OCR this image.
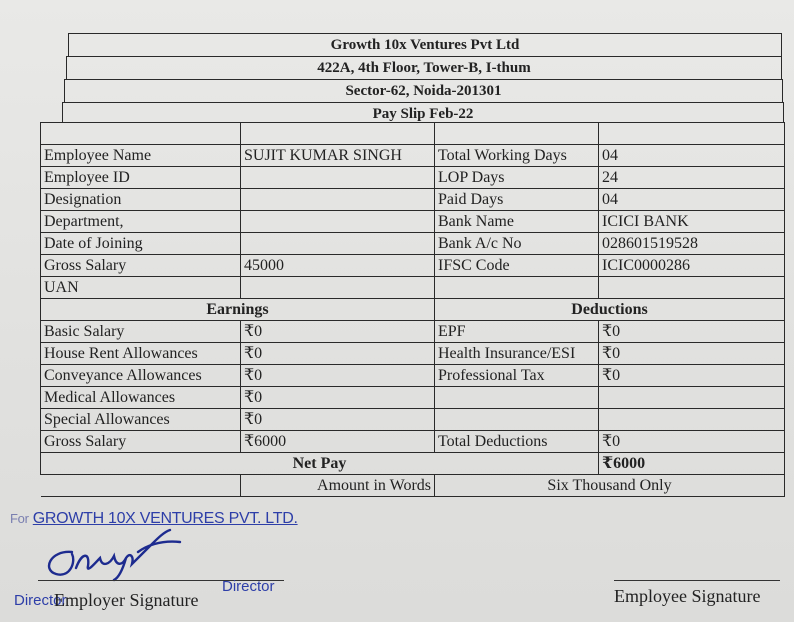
Growth 10x Ventures Pvt Ltd
422A, 4th Floor, Tower-B, I-thum
Sector-62, Noida-201301
Pay Slip Feb-22

Employee Name	SUJIT KUMAR SINGH	Total Working Days	04
Employee ID		LOP Days	24
Designation		Paid Days	04
Department,		Bank Name	ICICI BANK
Date of Joining		Bank A/c No	028601519528
Gross Salary	45000	IFSC Code	ICIC0000286
UAN			
Earnings		Deductions	
Basic Salary	₹0	EPF	₹0
House Rent Allowances	₹0	Health Insurance/ESI	₹0
Conveyance Allowances	₹0	Professional Tax	₹0
Medical Allowances	₹0		
Special Allowances	₹0		
Gross Salary	₹6000	Total Deductions	₹0
Net Pay			₹6000
	Amount in Words	Six Thousand Only	
For GROWTH 10X VENTURES PVT. LTD.
Director
Director
Employer Signature	Employee Signature
